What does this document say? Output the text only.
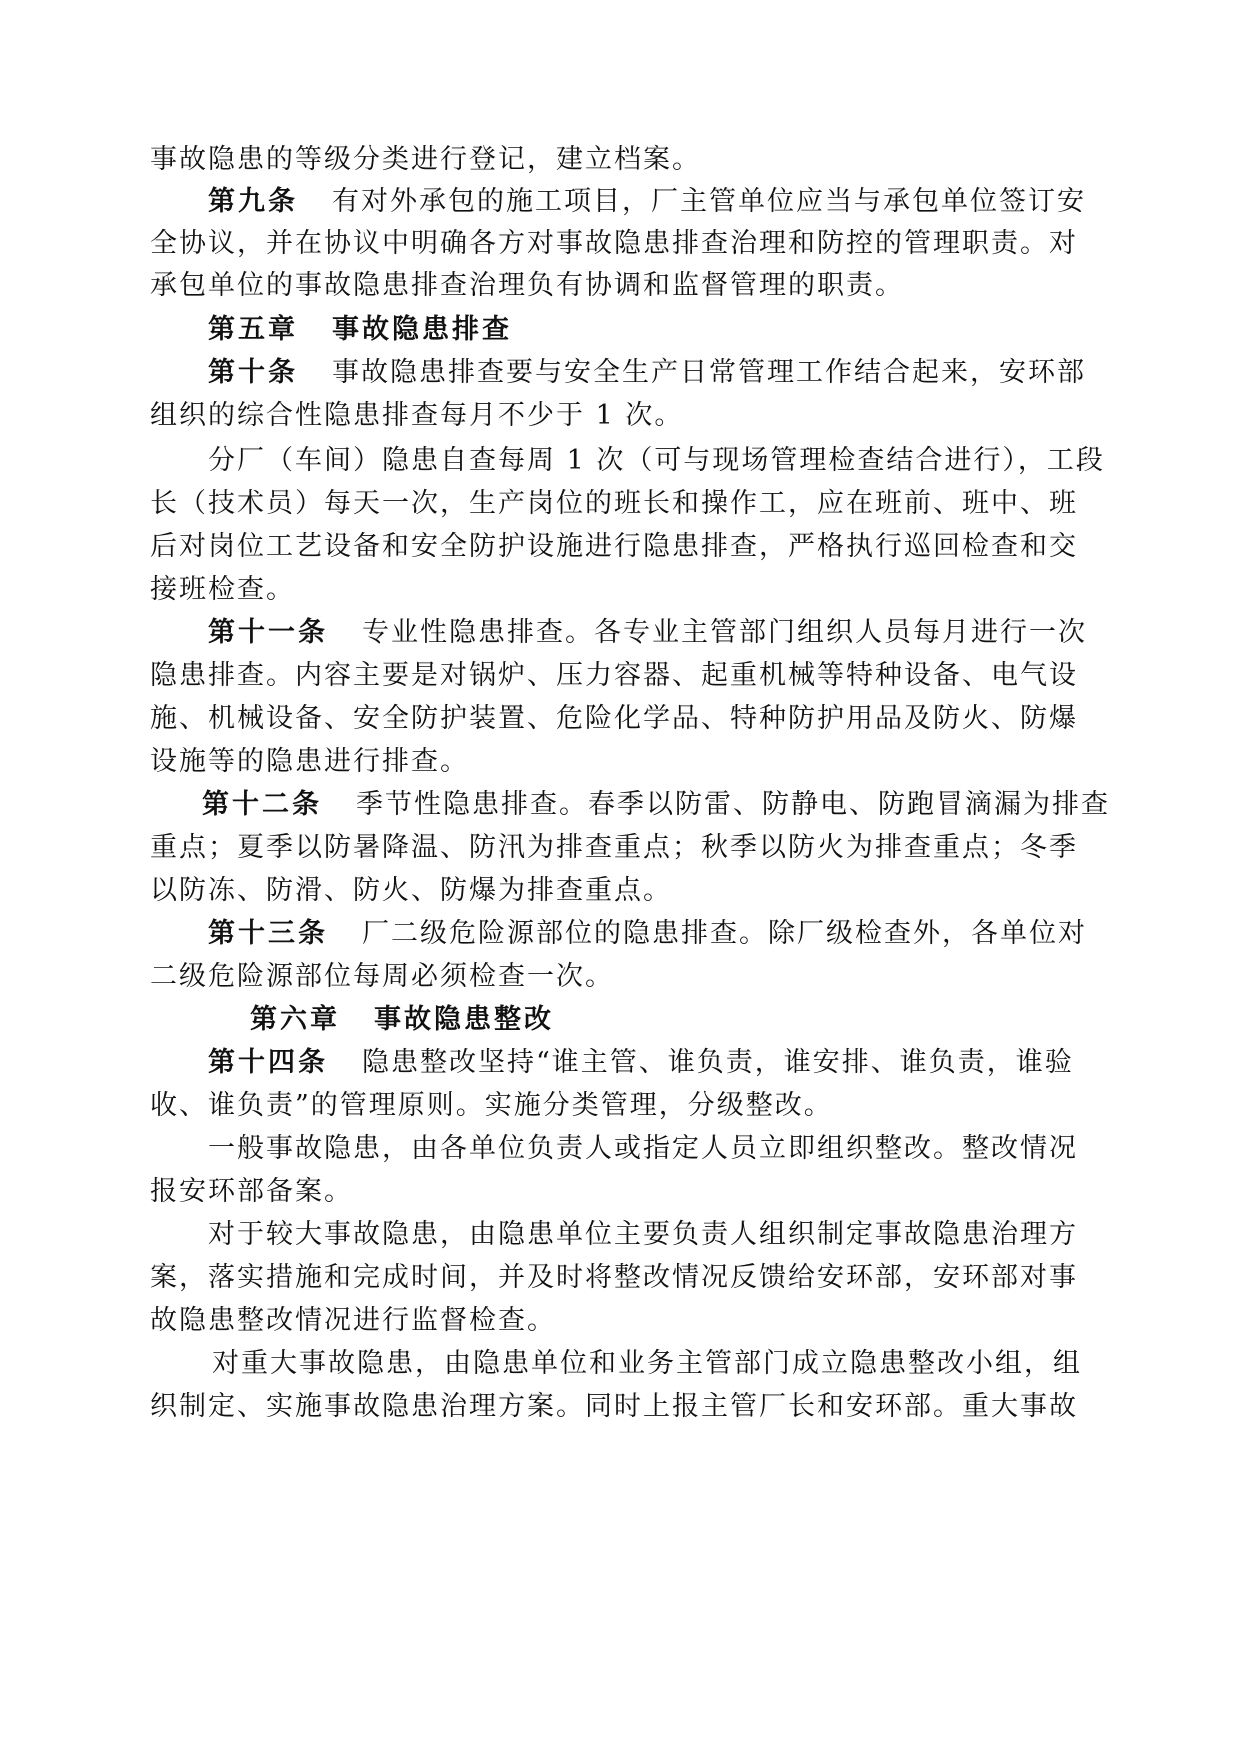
事故隐患的等级分类进行登记，建立档案。
第九条 有对外承包的施工项目，厂主管单位应当与承包单位签订安
全协议，并在协议中明确各方对事故隐患排查治理和防控的管理职责。对
承包单位的事故隐患排查治理负有协调和监督管理的职责。
第五章 事故隐患排查
第十条 事故隐患排查要与安全生产日常管理工作结合起来，安环部
组织的综合性隐患排查每月不少于 1 次。
分厂（车间）隐患自查每周 1 次（可与现场管理检查结合进行），工段
长（技术员）每天一次，生产岗位的班长和操作工，应在班前、班中、班
后对岗位工艺设备和安全防护设施进行隐患排查，严格执行巡回检查和交
接班检查。
第十一条 专业性隐患排查。各专业主管部门组织人员每月进行一次
隐患排查。内容主要是对锅炉、压力容器、起重机械等特种设备、电气设
施、机械设备、安全防护装置、危险化学品、特种防护用品及防火、防爆
设施等的隐患进行排查。
第十二条 季节性隐患排查。春季以防雷、防静电、防跑冒滴漏为排查
重点；夏季以防暑降温、防汛为排查重点；秋季以防火为排查重点；冬季
以防冻、防滑、防火、防爆为排查重点。
第十三条 厂二级危险源部位的隐患排查。除厂级检查外，各单位对
二级危险源部位每周必须检查一次。
第六章 事故隐患整改
第十四条 隐患整改坚持“谁主管、谁负责，谁安排、谁负责，谁验
收、谁负责”的管理原则。实施分类管理，分级整改。
一般事故隐患，由各单位负责人或指定人员立即组织整改。整改情况
报安环部备案。
对于较大事故隐患，由隐患单位主要负责人组织制定事故隐患治理方
案，落实措施和完成时间，并及时将整改情况反馈给安环部，安环部对事
故隐患整改情况进行监督检查。
对重大事故隐患，由隐患单位和业务主管部门成立隐患整改小组，组
织制定、实施事故隐患治理方案。同时上报主管厂长和安环部。重大事故
